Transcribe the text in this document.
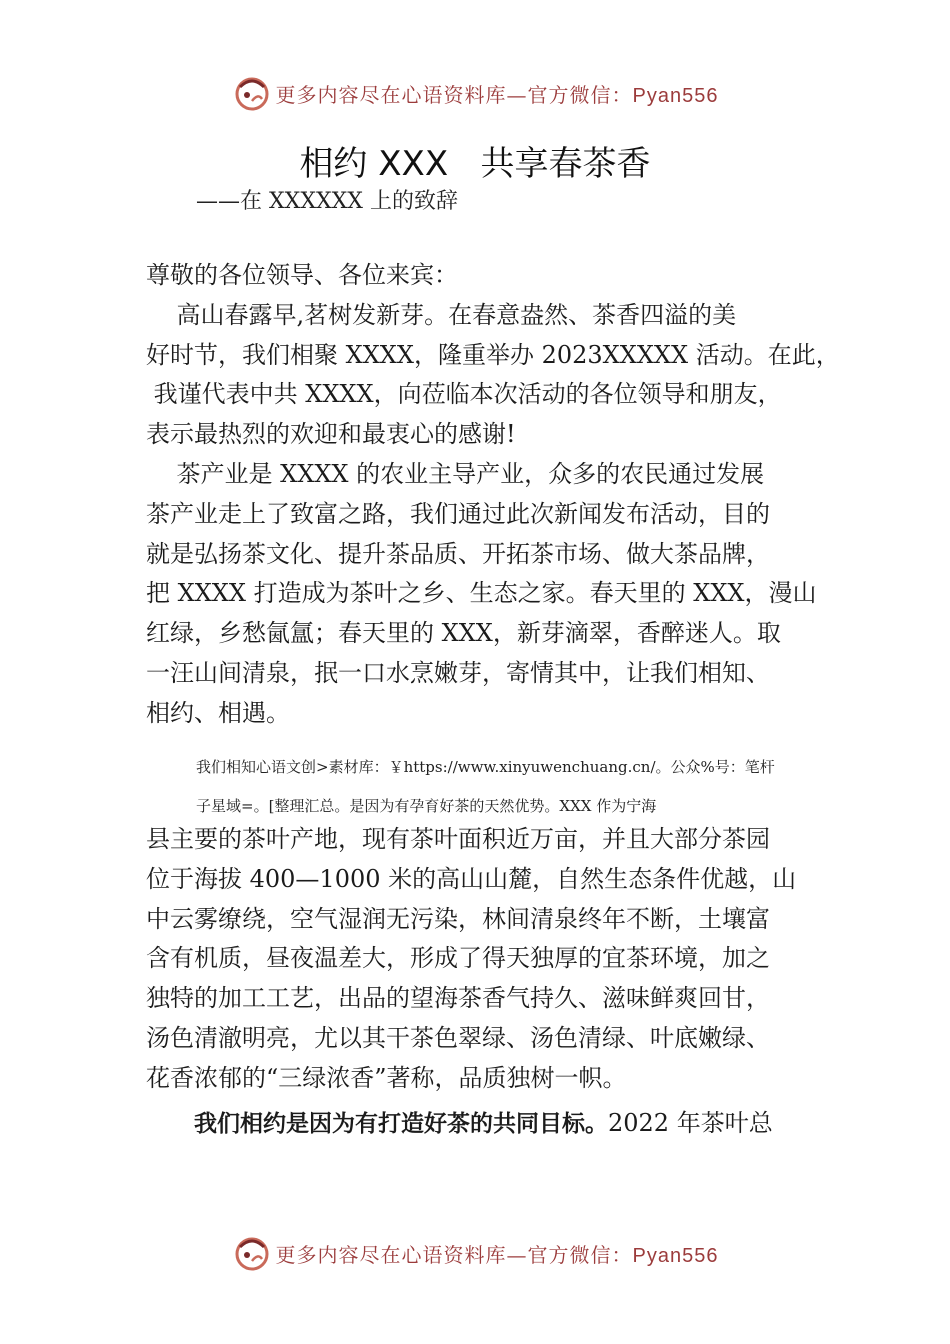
更多内容尽在心语资料库—官方微信：Pyan556
相约 XXX   共享春茶香
——在 XXXXXX 上的致辞
尊敬的各位领导、各位来宾：
高山春露早,茗树发新芽。在春意盎然、茶香四溢的美
好时节，我们相聚 XXXX，隆重举办 2023XXXXX 活动。在此，
我谨代表中共 XXXX，向莅临本次活动的各位领导和朋友，
表示最热烈的欢迎和最衷心的感谢!
茶产业是 XXXX 的农业主导产业，众多的农民通过发展
茶产业走上了致富之路，我们通过此次新闻发布活动，目的
就是弘扬茶文化、提升茶品质、开拓茶市场、做大茶品牌，
把 XXXX 打造成为茶叶之乡、生态之家。春天里的 XXX，漫山
红绿，乡愁氤氲；春天里的 XXX，新芽滴翠，香醉迷人。取
一汪山间清泉，抿一口水烹嫩芽，寄情其中，让我们相知、
相约、相遇。
我们相知心语文创>素材库：￥https://www.xinyuwenchuang.cn/。公众%号：笔杆
子星域=。[整理汇总。是因为有孕育好茶的天然优势。XXX 作为宁海
县主要的茶叶产地，现有茶叶面积近万亩，并且大部分茶园
位于海拔 400—1000 米的高山山麓，自然生态条件优越，山
中云雾缭绕，空气湿润无污染，林间清泉终年不断，土壤富
含有机质，昼夜温差大，形成了得天独厚的宜茶环境，加之
独特的加工工艺，出品的望海茶香气持久、滋味鲜爽回甘，
汤色清澈明亮，尤以其干茶色翠绿、汤色清绿、叶底嫩绿、
花香浓郁的“三绿浓香”著称，品质独树一帜。
我们相约是因为有打造好茶的共同目标。2022 年茶叶总
更多内容尽在心语资料库—官方微信：Pyan556
